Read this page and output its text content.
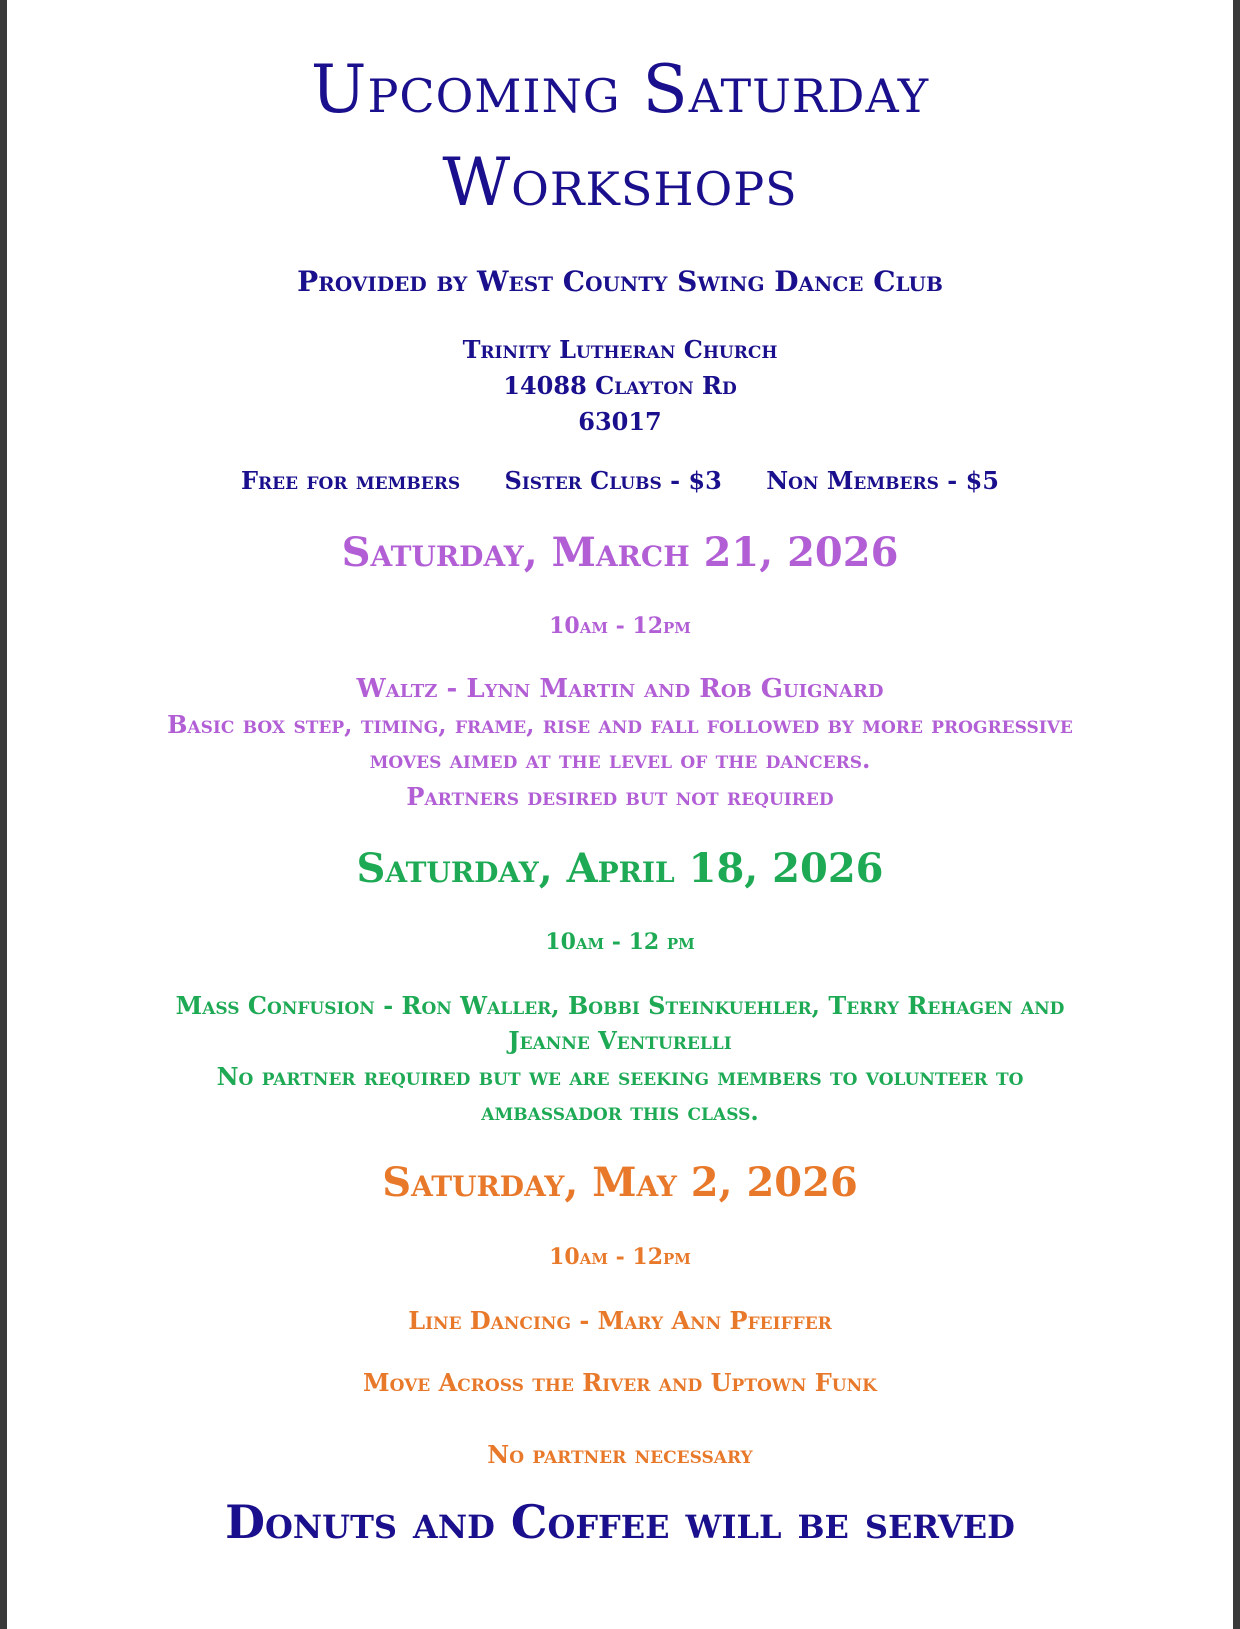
Upcoming Saturday
Workshops
Provided by West County Swing Dance Club
Trinity Lutheran Church
14088 Clayton Rd
63017
Free for members Sister Clubs - $3 Non Members - $5
Saturday, March 21, 2026
10am - 12pm
Waltz - Lynn Martin and Rob Guignard
Basic box step, timing, frame, rise and fall followed by more progressive
moves aimed at the level of the dancers.
Partners desired but not required
Saturday, April 18, 2026
10am - 12 pm
Mass Confusion - Ron Waller, Bobbi Steinkuehler, Terry Rehagen and
Jeanne Venturelli
No partner required but we are seeking members to volunteer to
ambassador this class.
Saturday, May 2, 2026
10am - 12pm
Line Dancing - Mary Ann Pfeiffer
Move Across the River and Uptown Funk
No partner necessary
Donuts and Coffee will be served
